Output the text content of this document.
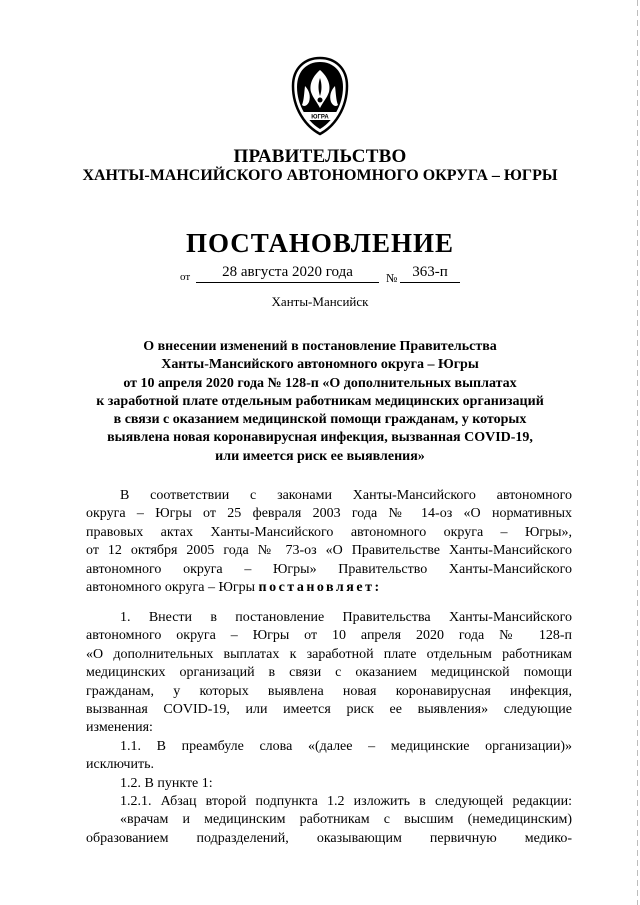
ЮГРА
ПРАВИТЕЛЬСТВО
ХАНТЫ-МАНСИЙСКОГО АВТОНОМНОГО ОКРУГА – ЮГРЫ
ПОСТАНОВЛЕНИЕ
от	28 августа 2020 года	№ 363-п
Ханты-Мансийск
О внесении изменений в постановление Правительства
Ханты-Мансийского автономного округа – Югры
от 10 апреля 2020 года № 128-п «О дополнительных выплатах
к заработной плате отдельным работникам медицинских организаций
в связи с оказанием медицинской помощи гражданам, у которых
выявлена новая коронавирусная инфекция, вызванная COVID-19,
или имеется риск ее выявления»
В соответствии с законами Ханты-Мансийского автономного
округа – Югры от 25 февраля 2003 года № 14-оз «О нормативных
правовых актах Ханты-Мансийского автономного округа – Югры»,
от 12 октября 2005 года № 73-оз «О Правительстве Ханты-Мансийского
автономного округа – Югры» Правительство Ханты-Мансийского
автономного округа – Югры постановляет:
1. Внести в постановление Правительства Ханты-Мансийского
автономного округа – Югры от 10 апреля 2020 года № 128-п
«О дополнительных выплатах к заработной плате отдельным работникам
медицинских организаций в связи с оказанием медицинской помощи
гражданам, у которых выявлена новая коронавирусная инфекция,
вызванная COVID-19, или имеется риск ее выявления» следующие
изменения:
1.1. В преамбуле слова «(далее – медицинские организации)»
исключить.
1.2. В пункте 1:
1.2.1. Абзац второй подпункта 1.2 изложить в следующей редакции:
«врачам и медицинским работникам с высшим (немедицинским)
образованием подразделений, оказывающим первичную медико-
